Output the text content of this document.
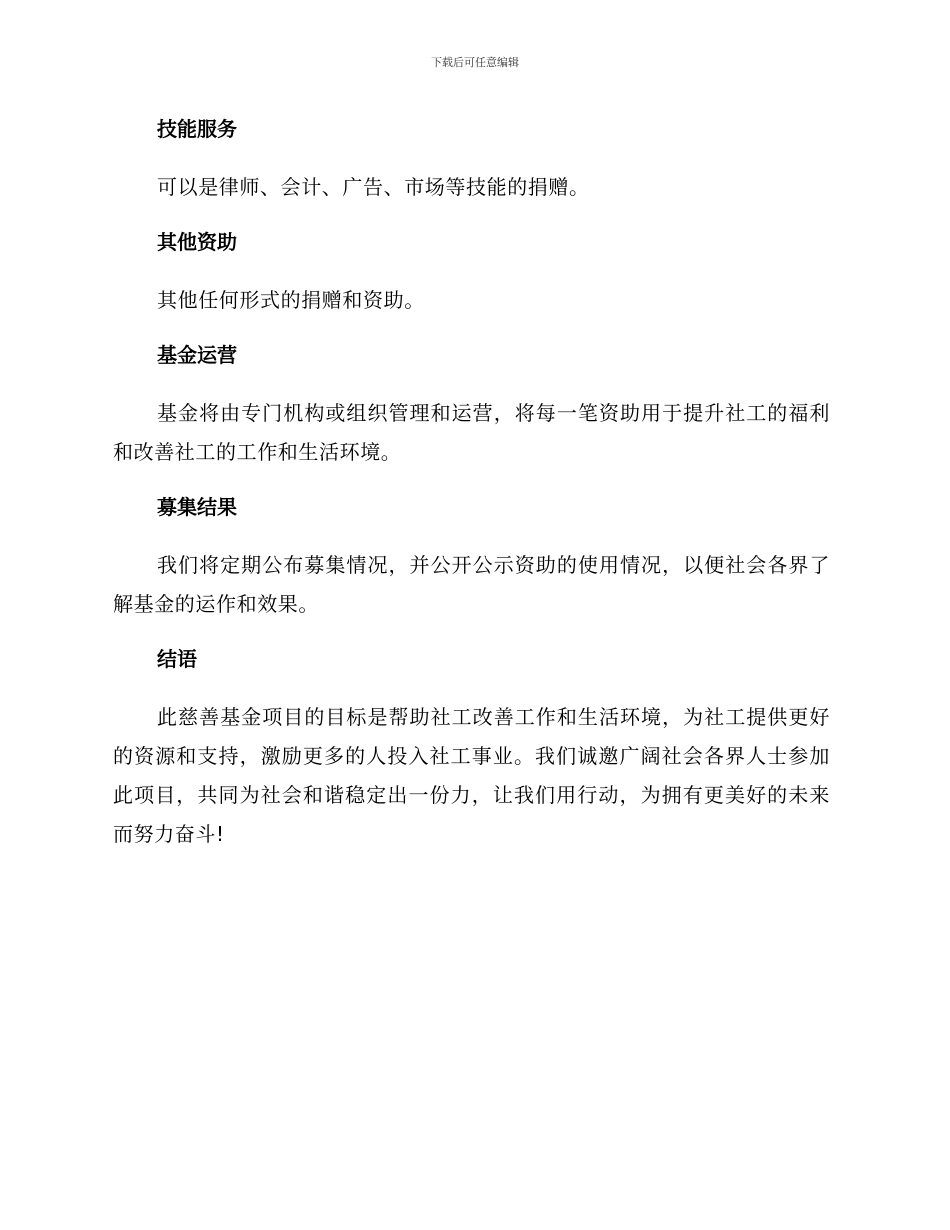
下载后可任意编辑
技能服务

可以是律师、会计、广告、市场等技能的捐赠。

其他资助

其他任何形式的捐赠和资助。

基金运营

基金将由专门机构或组织管理和运营，将每一笔资助用于提升社工的福利和改善社工的工作和生活环境。

募集结果

我们将定期公布募集情况，并公开公示资助的使用情况，以便社会各界了解基金的运作和效果。

结语

此慈善基金项目的目标是帮助社工改善工作和生活环境，为社工提供更好的资源和支持，激励更多的人投入社工事业。我们诚邀广阔社会各界人士参加此项目，共同为社会和谐稳定出一份力，让我们用行动，为拥有更美好的未来而努力奋斗!
